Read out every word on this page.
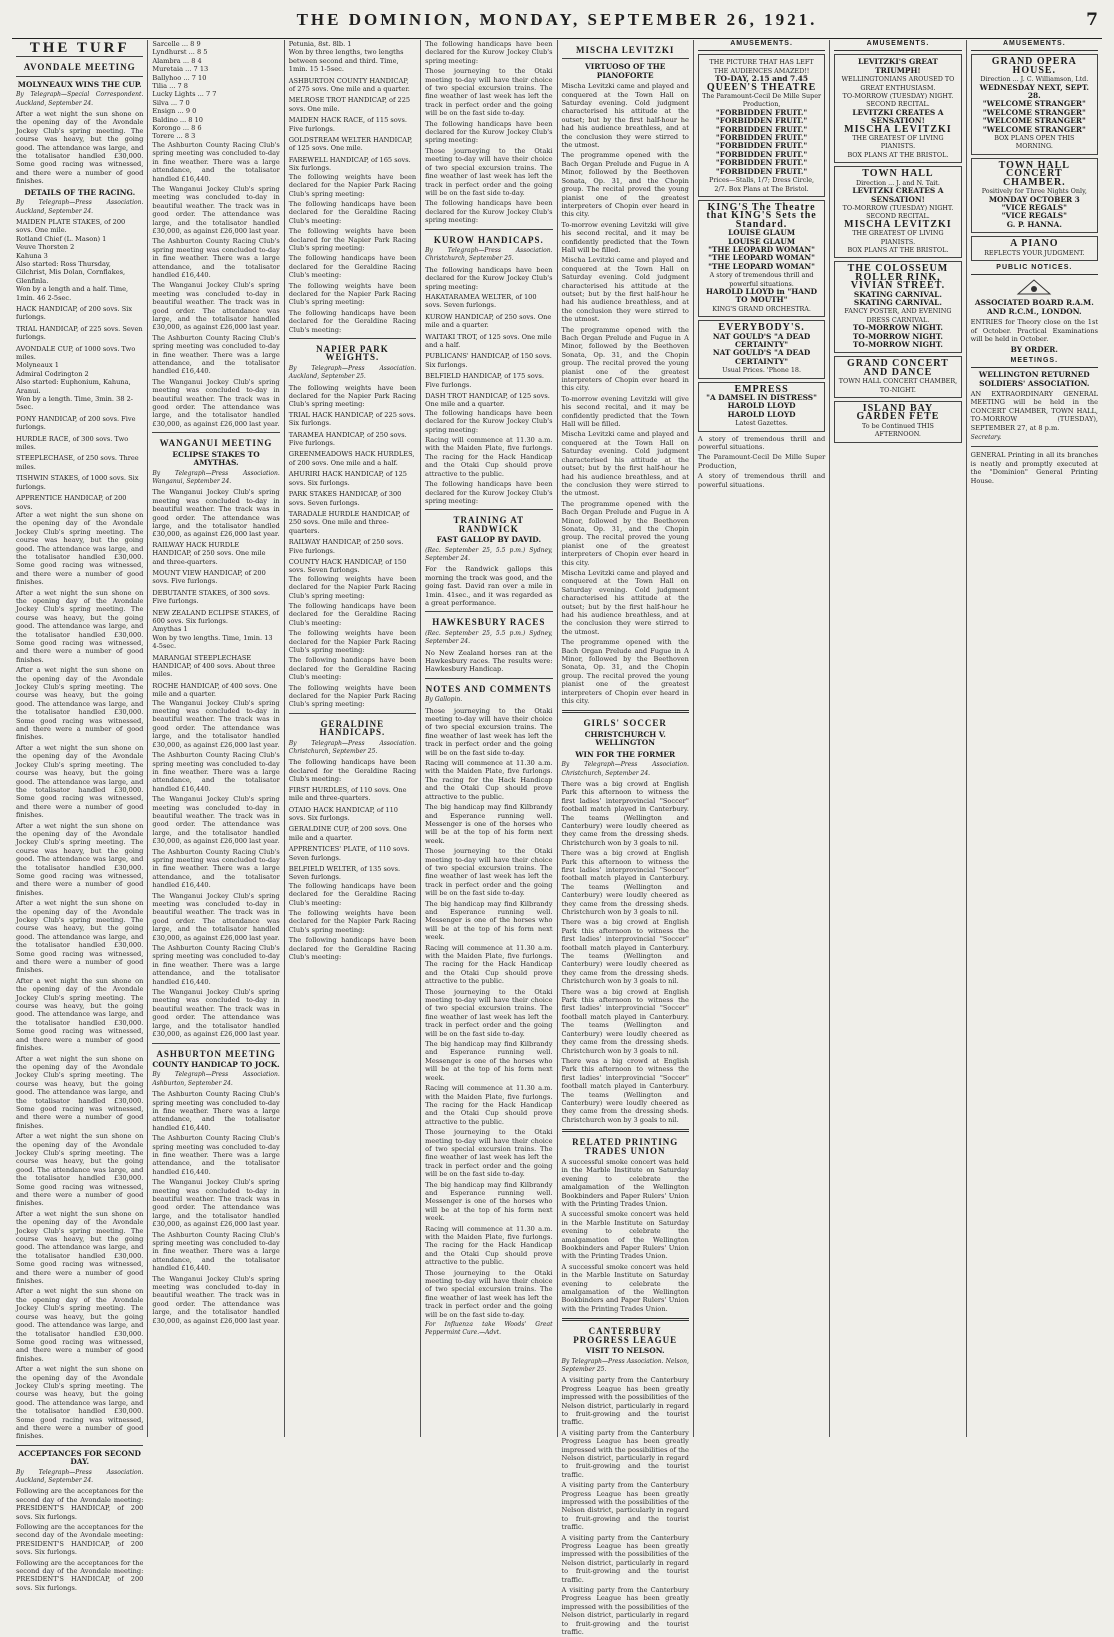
THE DOMINION, MONDAY, SEPTEMBER 26, 1921.	7
THE TURF
AVONDALE MEETING
MOLYNEAUX WINS THE CUP.

By Telegraph—Special Correspondent. Auckland, September 24.

After a wet night the sun shone on the opening day of the Avondale Jockey Club's spring meeting. The course was heavy, but the going good. The attendance was large, and the totalisator handled £30,000. Some good racing was witnessed, and there were a number of good finishes.

DETAILS OF THE RACING.

By Telegraph—Press Association. Auckland, September 24.

MAIDEN PLATE STAKES, of 200 sovs. One mile.

Rotland Chief (L. Mason) 1

Veuve Thorsten 2

Kahuna 3

Also started: Ross Thursday, Gilchrist, Mis Dolan, Cornflakes, Glenfinla.

Won by a length and a half. Time, 1min. 46 2-5sec.

HACK HANDICAP, of 200 sovs. Six furlongs.

TRIAL HANDICAP, of 225 sovs. Seven furlongs.

AVONDALE CUP, of 1000 sovs. Two miles.

Molyneaux 1

Admiral Codrington 2

Also started: Euphonium, Kahuna, Aranui.

Won by a length. Time, 3min. 38 2-5sec.

PONY HANDICAP, of 200 sovs. Five furlongs.

HURDLE RACE, of 300 sovs. Two miles.

STEEPLECHASE, of 250 sovs. Three miles.

TISHWIN STAKES, of 1000 sovs. Six furlongs.

APPRENTICE HANDICAP, of 200 sovs.

After a wet night the sun shone on the opening day of the Avondale Jockey Club's spring meeting. The course was heavy, but the going good. The attendance was large, and the totalisator handled £30,000. Some good racing was witnessed, and there were a number of good finishes.

After a wet night the sun shone on the opening day of the Avondale Jockey Club's spring meeting. The course was heavy, but the going good. The attendance was large, and the totalisator handled £30,000. Some good racing was witnessed, and there were a number of good finishes.

After a wet night the sun shone on the opening day of the Avondale Jockey Club's spring meeting. The course was heavy, but the going good. The attendance was large, and the totalisator handled £30,000. Some good racing was witnessed, and there were a number of good finishes.

After a wet night the sun shone on the opening day of the Avondale Jockey Club's spring meeting. The course was heavy, but the going good. The attendance was large, and the totalisator handled £30,000. Some good racing was witnessed, and there were a number of good finishes.

After a wet night the sun shone on the opening day of the Avondale Jockey Club's spring meeting. The course was heavy, but the going good. The attendance was large, and the totalisator handled £30,000. Some good racing was witnessed, and there were a number of good finishes.

After a wet night the sun shone on the opening day of the Avondale Jockey Club's spring meeting. The course was heavy, but the going good. The attendance was large, and the totalisator handled £30,000. Some good racing was witnessed, and there were a number of good finishes.

After a wet night the sun shone on the opening day of the Avondale Jockey Club's spring meeting. The course was heavy, but the going good. The attendance was large, and the totalisator handled £30,000. Some good racing was witnessed, and there were a number of good finishes.

After a wet night the sun shone on the opening day of the Avondale Jockey Club's spring meeting. The course was heavy, but the going good. The attendance was large, and the totalisator handled £30,000. Some good racing was witnessed, and there were a number of good finishes.

After a wet night the sun shone on the opening day of the Avondale Jockey Club's spring meeting. The course was heavy, but the going good. The attendance was large, and the totalisator handled £30,000. Some good racing was witnessed, and there were a number of good finishes.

After a wet night the sun shone on the opening day of the Avondale Jockey Club's spring meeting. The course was heavy, but the going good. The attendance was large, and the totalisator handled £30,000. Some good racing was witnessed, and there were a number of good finishes.

After a wet night the sun shone on the opening day of the Avondale Jockey Club's spring meeting. The course was heavy, but the going good. The attendance was large, and the totalisator handled £30,000. Some good racing was witnessed, and there were a number of good finishes.

After a wet night the sun shone on the opening day of the Avondale Jockey Club's spring meeting. The course was heavy, but the going good. The attendance was large, and the totalisator handled £30,000. Some good racing was witnessed, and there were a number of good finishes.

ACCEPTANCES FOR SECOND DAY.

By Telegraph—Press Association. Auckland, September 24.

Following are the acceptances for the second day of the Avondale meeting: PRESIDENT'S HANDICAP, of 200 sovs. Six furlongs.

Following are the acceptances for the second day of the Avondale meeting: PRESIDENT'S HANDICAP, of 200 sovs. Six furlongs.

Following are the acceptances for the second day of the Avondale meeting: PRESIDENT'S HANDICAP, of 200 sovs. Six furlongs.

Sarcelle ... 8 9

Lyndhurst ... 8 5

Alambra ... 8 4

Muretaia ... 7 13

Ballyhoo ... 7 10

Tilia ... 7 8

Lucky Lights ... 7 7

Silva ... 7 0

Ensign ... 9 0

Baldino ... 8 10

Korongo ... 8 6

Torere ... 8 3

The Ashburton County Racing Club's spring meeting was concluded to-day in fine weather. There was a large attendance, and the totalisator handled £16,440.

The Wanganui Jockey Club's spring meeting was concluded to-day in beautiful weather. The track was in good order. The attendance was large, and the totalisator handled £30,000, as against £26,000 last year.

The Ashburton County Racing Club's spring meeting was concluded to-day in fine weather. There was a large attendance, and the totalisator handled £16,440.

The Wanganui Jockey Club's spring meeting was concluded to-day in beautiful weather. The track was in good order. The attendance was large, and the totalisator handled £30,000, as against £26,000 last year.

The Ashburton County Racing Club's spring meeting was concluded to-day in fine weather. There was a large attendance, and the totalisator handled £16,440.

The Wanganui Jockey Club's spring meeting was concluded to-day in beautiful weather. The track was in good order. The attendance was large, and the totalisator handled £30,000, as against £26,000 last year.

WANGANUI MEETING
ECLIPSE STAKES TO AMYTHAS.

By Telegraph—Press Association. Wanganui, September 24.

The Wanganui Jockey Club's spring meeting was concluded to-day in beautiful weather. The track was in good order. The attendance was large, and the totalisator handled £30,000, as against £26,000 last year.

RAILWAY HACK HURDLE HANDICAP, of 250 sovs. One mile and three-quarters.

MOUNT VIEW HANDICAP, of 200 sovs. Five furlongs.

DEBUTANTE STAKES, of 300 sovs. Five furlongs.

NEW ZEALAND ECLIPSE STAKES, of 600 sovs. Six furlongs.

Amythas 1

Won by two lengths. Time, 1min. 13 4-5sec.

MARANGAI STEEPLECHASE HANDICAP, of 400 sovs. About three miles.

ROCHE HANDICAP, of 400 sovs. One mile and a quarter.

The Wanganui Jockey Club's spring meeting was concluded to-day in beautiful weather. The track was in good order. The attendance was large, and the totalisator handled £30,000, as against £26,000 last year.

The Ashburton County Racing Club's spring meeting was concluded to-day in fine weather. There was a large attendance, and the totalisator handled £16,440.

The Wanganui Jockey Club's spring meeting was concluded to-day in beautiful weather. The track was in good order. The attendance was large, and the totalisator handled £30,000, as against £26,000 last year.

The Ashburton County Racing Club's spring meeting was concluded to-day in fine weather. There was a large attendance, and the totalisator handled £16,440.

The Wanganui Jockey Club's spring meeting was concluded to-day in beautiful weather. The track was in good order. The attendance was large, and the totalisator handled £30,000, as against £26,000 last year.

The Ashburton County Racing Club's spring meeting was concluded to-day in fine weather. There was a large attendance, and the totalisator handled £16,440.

The Wanganui Jockey Club's spring meeting was concluded to-day in beautiful weather. The track was in good order. The attendance was large, and the totalisator handled £30,000, as against £26,000 last year.

ASHBURTON MEETING
COUNTY HANDICAP TO JOCK.

By Telegraph—Press Association. Ashburton, September 24.

The Ashburton County Racing Club's spring meeting was concluded to-day in fine weather. There was a large attendance, and the totalisator handled £16,440.

The Ashburton County Racing Club's spring meeting was concluded to-day in fine weather. There was a large attendance, and the totalisator handled £16,440.

The Wanganui Jockey Club's spring meeting was concluded to-day in beautiful weather. The track was in good order. The attendance was large, and the totalisator handled £30,000, as against £26,000 last year.

The Ashburton County Racing Club's spring meeting was concluded to-day in fine weather. There was a large attendance, and the totalisator handled £16,440.

The Wanganui Jockey Club's spring meeting was concluded to-day in beautiful weather. The track was in good order. The attendance was large, and the totalisator handled £30,000, as against £26,000 last year.

Petunia, 8st. 8lb. 1

Won by three lengths, two lengths between second and third. Time, 1min. 15 1-5sec.

ASHBURTON COUNTY HANDICAP, of 275 sovs. One mile and a quarter.

MELROSE TROT HANDICAP, of 225 sovs. One mile.

MAIDEN HACK RACE, of 115 sovs. Five furlongs.

GOLDSTREAM WELTER HANDICAP, of 125 sovs. One mile.

FAREWELL HANDICAP, of 165 sovs. Six furlongs.

The following weights have been declared for the Napier Park Racing Club's spring meeting:

The following handicaps have been declared for the Geraldine Racing Club's meeting:

The following weights have been declared for the Napier Park Racing Club's spring meeting:

The following handicaps have been declared for the Geraldine Racing Club's meeting:

The following weights have been declared for the Napier Park Racing Club's spring meeting:

The following handicaps have been declared for the Geraldine Racing Club's meeting:

NAPIER PARK WEIGHTS.

By Telegraph—Press Association. Auckland, September 25.

The following weights have been declared for the Napier Park Racing Club's spring meeting:

TRIAL HACK HANDICAP, of 225 sovs. Six furlongs.

TARAMEA HANDICAP, of 250 sovs. Five furlongs.

GREENMEADOWS HACK HURDLES, of 200 sovs. One mile and a half.

AHURIRI HACK HANDICAP, of 125 sovs. Six furlongs.

PARK STAKES HANDICAP, of 300 sovs. Seven furlongs.

TARADALE HURDLE HANDICAP, of 250 sovs. One mile and three-quarters.

RAILWAY HANDICAP, of 250 sovs. Five furlongs.

COUNTY HACK HANDICAP, of 150 sovs. Seven furlongs.

The following weights have been declared for the Napier Park Racing Club's spring meeting:

The following handicaps have been declared for the Geraldine Racing Club's meeting:

The following weights have been declared for the Napier Park Racing Club's spring meeting:

The following handicaps have been declared for the Geraldine Racing Club's meeting:

The following weights have been declared for the Napier Park Racing Club's spring meeting:

GERALDINE HANDICAPS.

By Telegraph—Press Association. Christchurch, September 25.

The following handicaps have been declared for the Geraldine Racing Club's meeting:

FIRST HURDLES, of 110 sovs. One mile and three-quarters.

OTAIO HACK HANDICAP, of 110 sovs. Six furlongs.

GERALDINE CUP, of 200 sovs. One mile and a quarter.

APPRENTICES' PLATE, of 110 sovs. Seven furlongs.

BELFIELD WELTER, of 135 sovs. Seven furlongs.

The following handicaps have been declared for the Geraldine Racing Club's meeting:

The following weights have been declared for the Napier Park Racing Club's spring meeting:

The following handicaps have been declared for the Geraldine Racing Club's meeting:

The following handicaps have been declared for the Kurow Jockey Club's spring meeting:

Those journeying to the Otaki meeting to-day will have their choice of two special excursion trains. The fine weather of last week has left the track in perfect order and the going will be on the fast side to-day.

The following handicaps have been declared for the Kurow Jockey Club's spring meeting:

Those journeying to the Otaki meeting to-day will have their choice of two special excursion trains. The fine weather of last week has left the track in perfect order and the going will be on the fast side to-day.

The following handicaps have been declared for the Kurow Jockey Club's spring meeting:

KUROW HANDICAPS.

By Telegraph—Press Association. Christchurch, September 25.

The following handicaps have been declared for the Kurow Jockey Club's spring meeting:

HAKATARAMEA WELTER, of 100 sovs. Seven furlongs.

KUROW HANDICAP, of 250 sovs. One mile and a quarter.

WAITAKI TROT, of 125 sovs. One mile and a half.

PUBLICANS' HANDICAP, of 150 sovs. Six furlongs.

BELFIELD HANDICAP, of 175 sovs. Five furlongs.

DASH TROT HANDICAP, of 125 sovs. One mile and a quarter.

The following handicaps have been declared for the Kurow Jockey Club's spring meeting:

Racing will commence at 11.30 a.m. with the Maiden Plate, five furlongs. The racing for the Hack Handicap and the Otaki Cup should prove attractive to the public.

The following handicaps have been declared for the Kurow Jockey Club's spring meeting:

TRAINING AT RANDWICK
FAST GALLOP BY DAVID.

(Rec. September 25, 5.5 p.m.) Sydney, September 24.

For the Randwick gallops this morning the track was good, and the going fast. David ran over a mile in 1min. 41sec., and it was regarded as a great performance.

HAWKESBURY RACES

(Rec. September 25, 5.5 p.m.) Sydney, September 24.

No New Zealand horses ran at the Hawkesbury races. The results were: Hawkesbury Handicap.

NOTES AND COMMENTS

By Gallopin.

Those journeying to the Otaki meeting to-day will have their choice of two special excursion trains. The fine weather of last week has left the track in perfect order and the going will be on the fast side to-day.

Racing will commence at 11.30 a.m. with the Maiden Plate, five furlongs. The racing for the Hack Handicap and the Otaki Cup should prove attractive to the public.

The big handicap may find Kilbrandy and Esperance running well. Messenger is one of the horses who will be at the top of his form next week.

Those journeying to the Otaki meeting to-day will have their choice of two special excursion trains. The fine weather of last week has left the track in perfect order and the going will be on the fast side to-day.

The big handicap may find Kilbrandy and Esperance running well. Messenger is one of the horses who will be at the top of his form next week.

Racing will commence at 11.30 a.m. with the Maiden Plate, five furlongs. The racing for the Hack Handicap and the Otaki Cup should prove attractive to the public.

Those journeying to the Otaki meeting to-day will have their choice of two special excursion trains. The fine weather of last week has left the track in perfect order and the going will be on the fast side to-day.

The big handicap may find Kilbrandy and Esperance running well. Messenger is one of the horses who will be at the top of his form next week.

Racing will commence at 11.30 a.m. with the Maiden Plate, five furlongs. The racing for the Hack Handicap and the Otaki Cup should prove attractive to the public.

Those journeying to the Otaki meeting to-day will have their choice of two special excursion trains. The fine weather of last week has left the track in perfect order and the going will be on the fast side to-day.

The big handicap may find Kilbrandy and Esperance running well. Messenger is one of the horses who will be at the top of his form next week.

Racing will commence at 11.30 a.m. with the Maiden Plate, five furlongs. The racing for the Hack Handicap and the Otaki Cup should prove attractive to the public.

Those journeying to the Otaki meeting to-day will have their choice of two special excursion trains. The fine weather of last week has left the track in perfect order and the going will be on the fast side to-day.

For Influenza take Woods' Great Peppermint Cure.—Advt.

MISCHA LEVITZKI
VIRTUOSO OF THE PIANOFORTE

Mischa Levitzki came and played and conquered at the Town Hall on Saturday evening. Cold judgment characterised his attitude at the outset; but by the first half-hour he had his audience breathless, and at the conclusion they were stirred to the utmost.

The programme opened with the Bach Organ Prelude and Fugue in A Minor, followed by the Beethoven Sonata, Op. 31, and the Chopin group. The recital proved the young pianist one of the greatest interpreters of Chopin ever heard in this city.

To-morrow evening Levitzki will give his second recital, and it may be confidently predicted that the Town Hall will be filled.

Mischa Levitzki came and played and conquered at the Town Hall on Saturday evening. Cold judgment characterised his attitude at the outset; but by the first half-hour he had his audience breathless, and at the conclusion they were stirred to the utmost.

The programme opened with the Bach Organ Prelude and Fugue in A Minor, followed by the Beethoven Sonata, Op. 31, and the Chopin group. The recital proved the young pianist one of the greatest interpreters of Chopin ever heard in this city.

To-morrow evening Levitzki will give his second recital, and it may be confidently predicted that the Town Hall will be filled.

Mischa Levitzki came and played and conquered at the Town Hall on Saturday evening. Cold judgment characterised his attitude at the outset; but by the first half-hour he had his audience breathless, and at the conclusion they were stirred to the utmost.

The programme opened with the Bach Organ Prelude and Fugue in A Minor, followed by the Beethoven Sonata, Op. 31, and the Chopin group. The recital proved the young pianist one of the greatest interpreters of Chopin ever heard in this city.

Mischa Levitzki came and played and conquered at the Town Hall on Saturday evening. Cold judgment characterised his attitude at the outset; but by the first half-hour he had his audience breathless, and at the conclusion they were stirred to the utmost.

The programme opened with the Bach Organ Prelude and Fugue in A Minor, followed by the Beethoven Sonata, Op. 31, and the Chopin group. The recital proved the young pianist one of the greatest interpreters of Chopin ever heard in this city.

GIRLS' SOCCER
CHRISTCHURCH V. WELLINGTON
WIN FOR THE FORMER

By Telegraph—Press Association. Christchurch, September 24.

There was a big crowd at English Park this afternoon to witness the first ladies' interprovincial "Soccer" football match played in Canterbury. The teams (Wellington and Canterbury) were loudly cheered as they came from the dressing sheds. Christchurch won by 3 goals to nil.

There was a big crowd at English Park this afternoon to witness the first ladies' interprovincial "Soccer" football match played in Canterbury. The teams (Wellington and Canterbury) were loudly cheered as they came from the dressing sheds. Christchurch won by 3 goals to nil.

There was a big crowd at English Park this afternoon to witness the first ladies' interprovincial "Soccer" football match played in Canterbury. The teams (Wellington and Canterbury) were loudly cheered as they came from the dressing sheds. Christchurch won by 3 goals to nil.

There was a big crowd at English Park this afternoon to witness the first ladies' interprovincial "Soccer" football match played in Canterbury. The teams (Wellington and Canterbury) were loudly cheered as they came from the dressing sheds. Christchurch won by 3 goals to nil.

There was a big crowd at English Park this afternoon to witness the first ladies' interprovincial "Soccer" football match played in Canterbury. The teams (Wellington and Canterbury) were loudly cheered as they came from the dressing sheds. Christchurch won by 3 goals to nil.

RELATED PRINTING TRADES UNION

A successful smoke concert was held in the Marble Institute on Saturday evening to celebrate the amalgamation of the Wellington Bookbinders and Paper Rulers' Union with the Printing Trades Union.

A successful smoke concert was held in the Marble Institute on Saturday evening to celebrate the amalgamation of the Wellington Bookbinders and Paper Rulers' Union with the Printing Trades Union.

A successful smoke concert was held in the Marble Institute on Saturday evening to celebrate the amalgamation of the Wellington Bookbinders and Paper Rulers' Union with the Printing Trades Union.

CANTERBURY PROGRESS LEAGUE
VISIT TO NELSON.

By Telegraph—Press Association. Nelson, September 25.

A visiting party from the Canterbury Progress League has been greatly impressed with the possibilities of the Nelson district, particularly in regard to fruit-growing and the tourist traffic.

A visiting party from the Canterbury Progress League has been greatly impressed with the possibilities of the Nelson district, particularly in regard to fruit-growing and the tourist traffic.

A visiting party from the Canterbury Progress League has been greatly impressed with the possibilities of the Nelson district, particularly in regard to fruit-growing and the tourist traffic.

A visiting party from the Canterbury Progress League has been greatly impressed with the possibilities of the Nelson district, particularly in regard to fruit-growing and the tourist traffic.

A visiting party from the Canterbury Progress League has been greatly impressed with the possibilities of the Nelson district, particularly in regard to fruit-growing and the tourist traffic.

AMUSEMENTS.
THE PICTURE THAT HAS LEFT THE AUDIENCES AMAZED!!
TO-DAY, 2.15 and 7.45
QUEEN'S THEATRE
The Paramount-Cecil De Mille Super Production,
"FORBIDDEN FRUIT."
"FORBIDDEN FRUIT."
"FORBIDDEN FRUIT."
"FORBIDDEN FRUIT."
"FORBIDDEN FRUIT."
"FORBIDDEN FRUIT."
"FORBIDDEN FRUIT."
"FORBIDDEN FRUIT."
Prices—Stalls, 1/7; Dress Circle, 2/7. Box Plans at The Bristol.
KING'S The Theatre that KING'S Sets the Standard.
LOUISE GLAUM
LOUISE GLAUM
"THE LEOPARD WOMAN"
"THE LEOPARD WOMAN"
"THE LEOPARD WOMAN"
A story of tremendous thrill and powerful situations.
HAROLD LLOYD in "HAND TO MOUTH"
KING'S GRAND ORCHESTRA.
EVERYBODY'S.
NAT GOULD'S "A DEAD CERTAINTY"
NAT GOULD'S "A DEAD CERTAINTY"
Usual Prices. 'Phone 18.
EMPRESS
"A DAMSEL IN DISTRESS"
HAROLD LLOYD
HAROLD LLOYD
Latest Gazettes.

A story of tremendous thrill and powerful situations.

The Paramount-Cecil De Mille Super Production,

A story of tremendous thrill and powerful situations.

AMUSEMENTS.
LEVITZKI'S GREAT TRIUMPH!
WELLINGTONIANS AROUSED TO GREAT ENTHUSIASM.
TO-MORROW (TUESDAY) NIGHT. SECOND RECITAL.
LEVITZKI CREATES A SENSATION!
MISCHA LEVITZKI
THE GREATEST OF LIVING PIANISTS.
BOX PLANS AT THE BRISTOL.
TOWN HALL
Direction ... J. and N. Tait.
LEVITZKI CREATES A SENSATION!
TO-MORROW (TUESDAY) NIGHT. SECOND RECITAL.
MISCHA LEVITZKI
THE GREATEST OF LIVING PIANISTS.
BOX PLANS AT THE BRISTOL.
THE COLOSSEUM ROLLER RINK, VIVIAN STREET.
SKATING CARNIVAL.
SKATING CARNIVAL.
FANCY POSTER, AND EVENING DRESS CARNIVAL.
TO-MORROW NIGHT.
TO-MORROW NIGHT.
TO-MORROW NIGHT.
GRAND CONCERT AND DANCE
TOWN HALL CONCERT CHAMBER, TO-NIGHT.
ISLAND BAY GARDEN FETE
To be Continued THIS AFTERNOON.
AMUSEMENTS.
GRAND OPERA HOUSE.
Direction ... J. C. Williamson, Ltd.
WEDNESDAY NEXT, SEPT. 28.
"WELCOME STRANGER"
"WELCOME STRANGER"
"WELCOME STRANGER"
"WELCOME STRANGER"
BOX PLANS OPEN THIS MORNING.
TOWN HALL CONCERT CHAMBER.
Positively for Three Nights Only,
MONDAY OCTOBER 3
"VICE REGALS"
"VICE REGALS"
G. P. HANNA.
A PIANO
REFLECTS YOUR JUDGMENT.
PUBLIC NOTICES.
ASSOCIATED BOARD R.A.M. AND R.C.M., LONDON.

ENTRIES for Theory close on the 1st of October. Practical Examinations will be held in October.

BY ORDER.
MEETINGS.
WELLINGTON RETURNED SOLDIERS' ASSOCIATION.

AN EXTRAORDINARY GENERAL MEETING will be held in the CONCERT CHAMBER, TOWN HALL, TO-MORROW (TUESDAY), SEPTEMBER 27, at 8 p.m.

Secretary.

GENERAL Printing in all its branches is neatly and promptly executed at the "Dominion" General Printing House.
